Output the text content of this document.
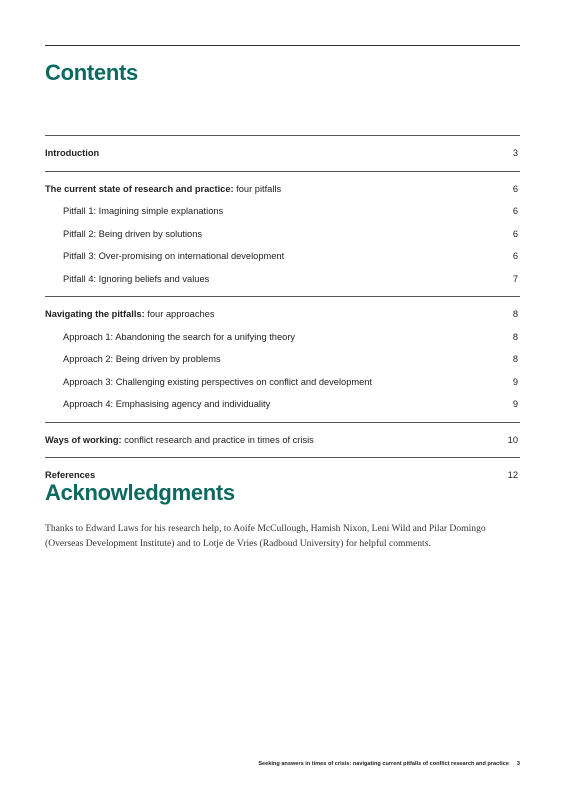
Contents
Introduction	3
The current state of research and practice: four pitfalls	6
Pitfall 1: Imagining simple explanations	6
Pitfall 2: Being driven by solutions	6
Pitfall 3: Over-promising on international development	6
Pitfall 4: Ignoring beliefs and values	7
Navigating the pitfalls: four approaches	8
Approach 1: Abandoning the search for a unifying theory	8
Approach 2: Being driven by problems	8
Approach 3: Challenging existing perspectives on conflict and development	9
Approach 4: Emphasising agency and individuality	9
Ways of working: conflict research and practice in times of crisis	10
References	12
Acknowledgments

Thanks to Edward Laws for his research help, to Aoife McCullough, Hamish Nixon, Leni Wild and Pilar Domingo (Overseas Development Institute) and to Lotje de Vries (Radboud University) for helpful comments.

Seeking answers in times of crisis: navigating current pitfalls of conflict research and practice 3
